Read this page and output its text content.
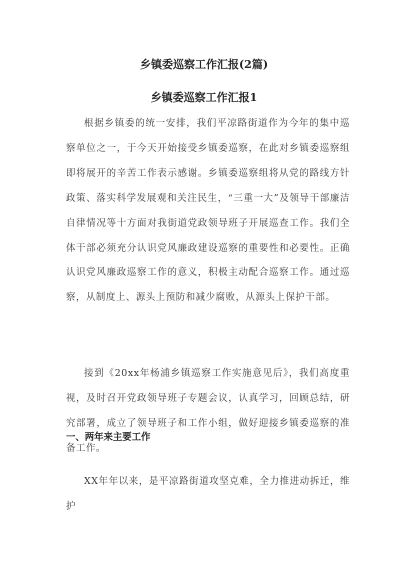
乡镇委巡察工作汇报(2篇)
乡镇委巡察工作汇报1

根据乡镇委的统一安排，我们平凉路街道作为今年的集中巡察单位之一，于今天开始接受乡镇委巡察，在此对乡镇委巡察组即将展开的辛苦工作表示感谢。乡镇委巡察组将从党的路线方针政策、落实科学发展观和关注民生，“三重一大”及领导干部廉洁自律情况等十方面对我街道党政领导班子开展巡查工作。我们全体干部必须充分认识党风廉政建设巡察的重要性和必要性。正确认识党风廉政巡察工作的意义，积极主动配合巡察工作。通过巡察，从制度上、源头上预防和减少腐败，从源头上保护干部。

接到《20xx年杨浦乡镇巡察工作实施意见后》，我们高度重视，及时召开党政领导班子专题会议，认真学习，回顾总结，研究部署，成立了领导班子和工作小组，做好迎接乡镇委巡察的准备工作。

一、两年来主要工作

XX年年以来，是平凉路街道攻坚克难，全力推进动拆迁，维护
